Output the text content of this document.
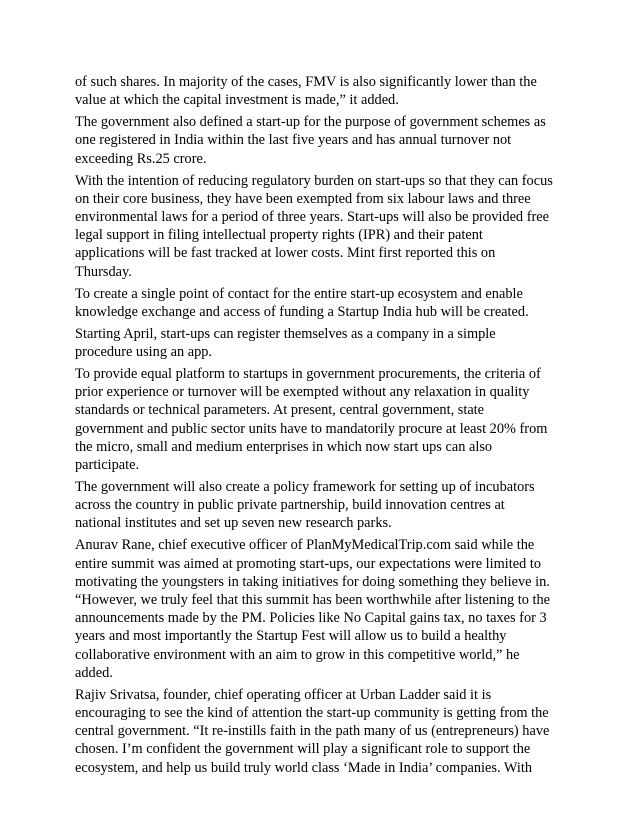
of such shares. In majority of the cases, FMV is also significantly lower than the
value at which the capital investment is made,” it added.

The government also defined a start-up for the purpose of government schemes as
one registered in India within the last five years and has annual turnover not
exceeding Rs.25 crore.

With the intention of reducing regulatory burden on start-ups so that they can focus
on their core business, they have been exempted from six labour laws and three
environmental laws for a period of three years. Start-ups will also be provided free
legal support in filing intellectual property rights (IPR) and their patent
applications will be fast tracked at lower costs. Mint first reported this on
Thursday.

To create a single point of contact for the entire start-up ecosystem and enable
knowledge exchange and access of funding a Startup India hub will be created.

Starting April, start-ups can register themselves as a company in a simple
procedure using an app.

To provide equal platform to startups in government procurements, the criteria of
prior experience or turnover will be exempted without any relaxation in quality
standards or technical parameters. At present, central government, state
government and public sector units have to mandatorily procure at least 20% from
the micro, small and medium enterprises in which now start ups can also
participate.

The government will also create a policy framework for setting up of incubators
across the country in public private partnership, build innovation centres at
national institutes and set up seven new research parks.

Anurav Rane, chief executive officer of PlanMyMedicalTrip.com said while the
entire summit was aimed at promoting start-ups, our expectations were limited to
motivating the youngsters in taking initiatives for doing something they believe in.
“However, we truly feel that this summit has been worthwhile after listening to the
announcements made by the PM. Policies like No Capital gains tax, no taxes for 3
years and most importantly the Startup Fest will allow us to build a healthy
collaborative environment with an aim to grow in this competitive world,” he
added.

Rajiv Srivatsa, founder, chief operating officer at Urban Ladder said it is
encouraging to see the kind of attention the start-up community is getting from the
central government. “It re-instills faith in the path many of us (entrepreneurs) have
chosen. I’m confident the government will play a significant role to support the
ecosystem, and help us build truly world class ‘Made in India’ companies. With
